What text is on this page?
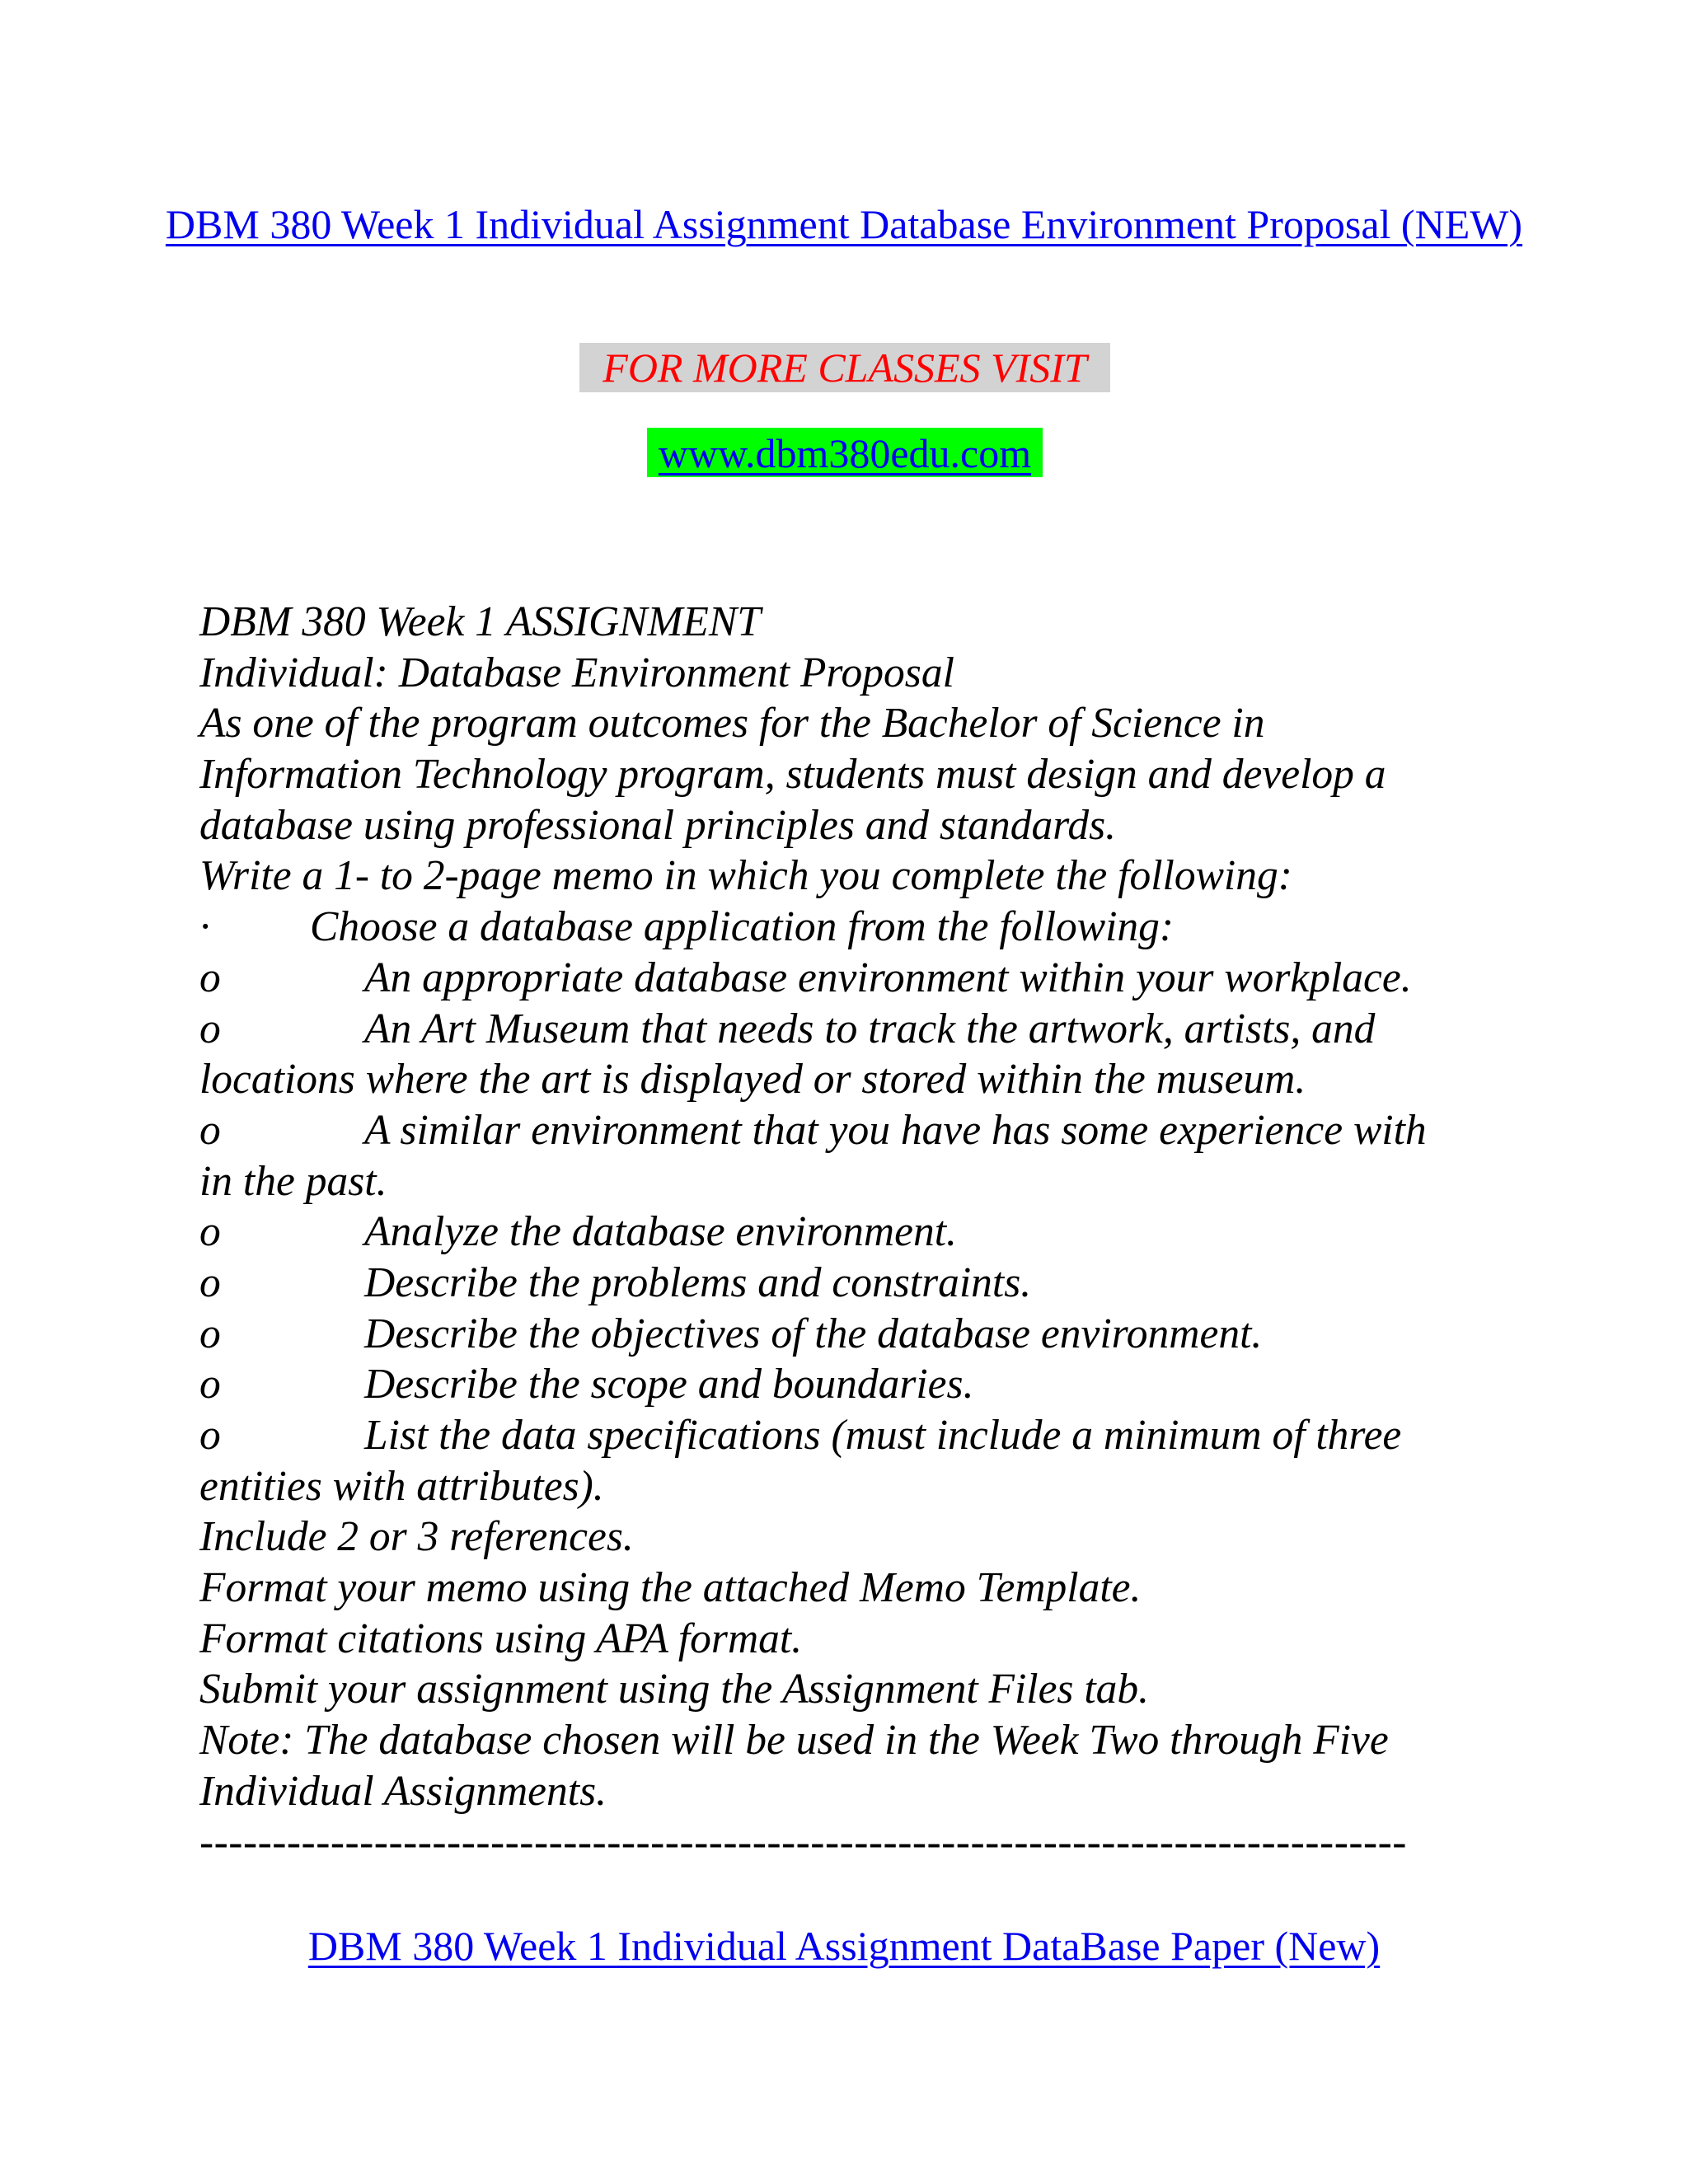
DBM 380 Week 1 Individual Assignment Database Environment Proposal (NEW)
FOR MORE CLASSES VISIT
www.dbm380edu.com
DBM 380 Week 1 ASSIGNMENT
Individual: Database Environment Proposal
As one of the program outcomes for the Bachelor of Science in
Information Technology program, students must design and develop a
database using professional principles and standards.
Write a 1- to 2-page memo in which you complete the following:
· Choose a database application from the following:
o	An appropriate database environment within your workplace.
o	An Art Museum that needs to track the artwork, artists, and
locations where the art is displayed or stored within the museum.
o	A similar environment that you have has some experience with
in the past.
o	Analyze the database environment.
o	Describe the problems and constraints.
o	Describe the objectives of the database environment.
o	Describe the scope and boundaries.
o	List the data specifications (must include a minimum of three
entities with attributes).
Include 2 or 3 references.
Format your memo using the attached Memo Template.
Format citations using APA format.
Submit your assignment using the Assignment Files tab.
Note: The database chosen will be used in the Week Two through Five
Individual Assignments.
-----------------------------------------------------------------------------------
DBM 380 Week 1 Individual Assignment DataBase Paper (New)
